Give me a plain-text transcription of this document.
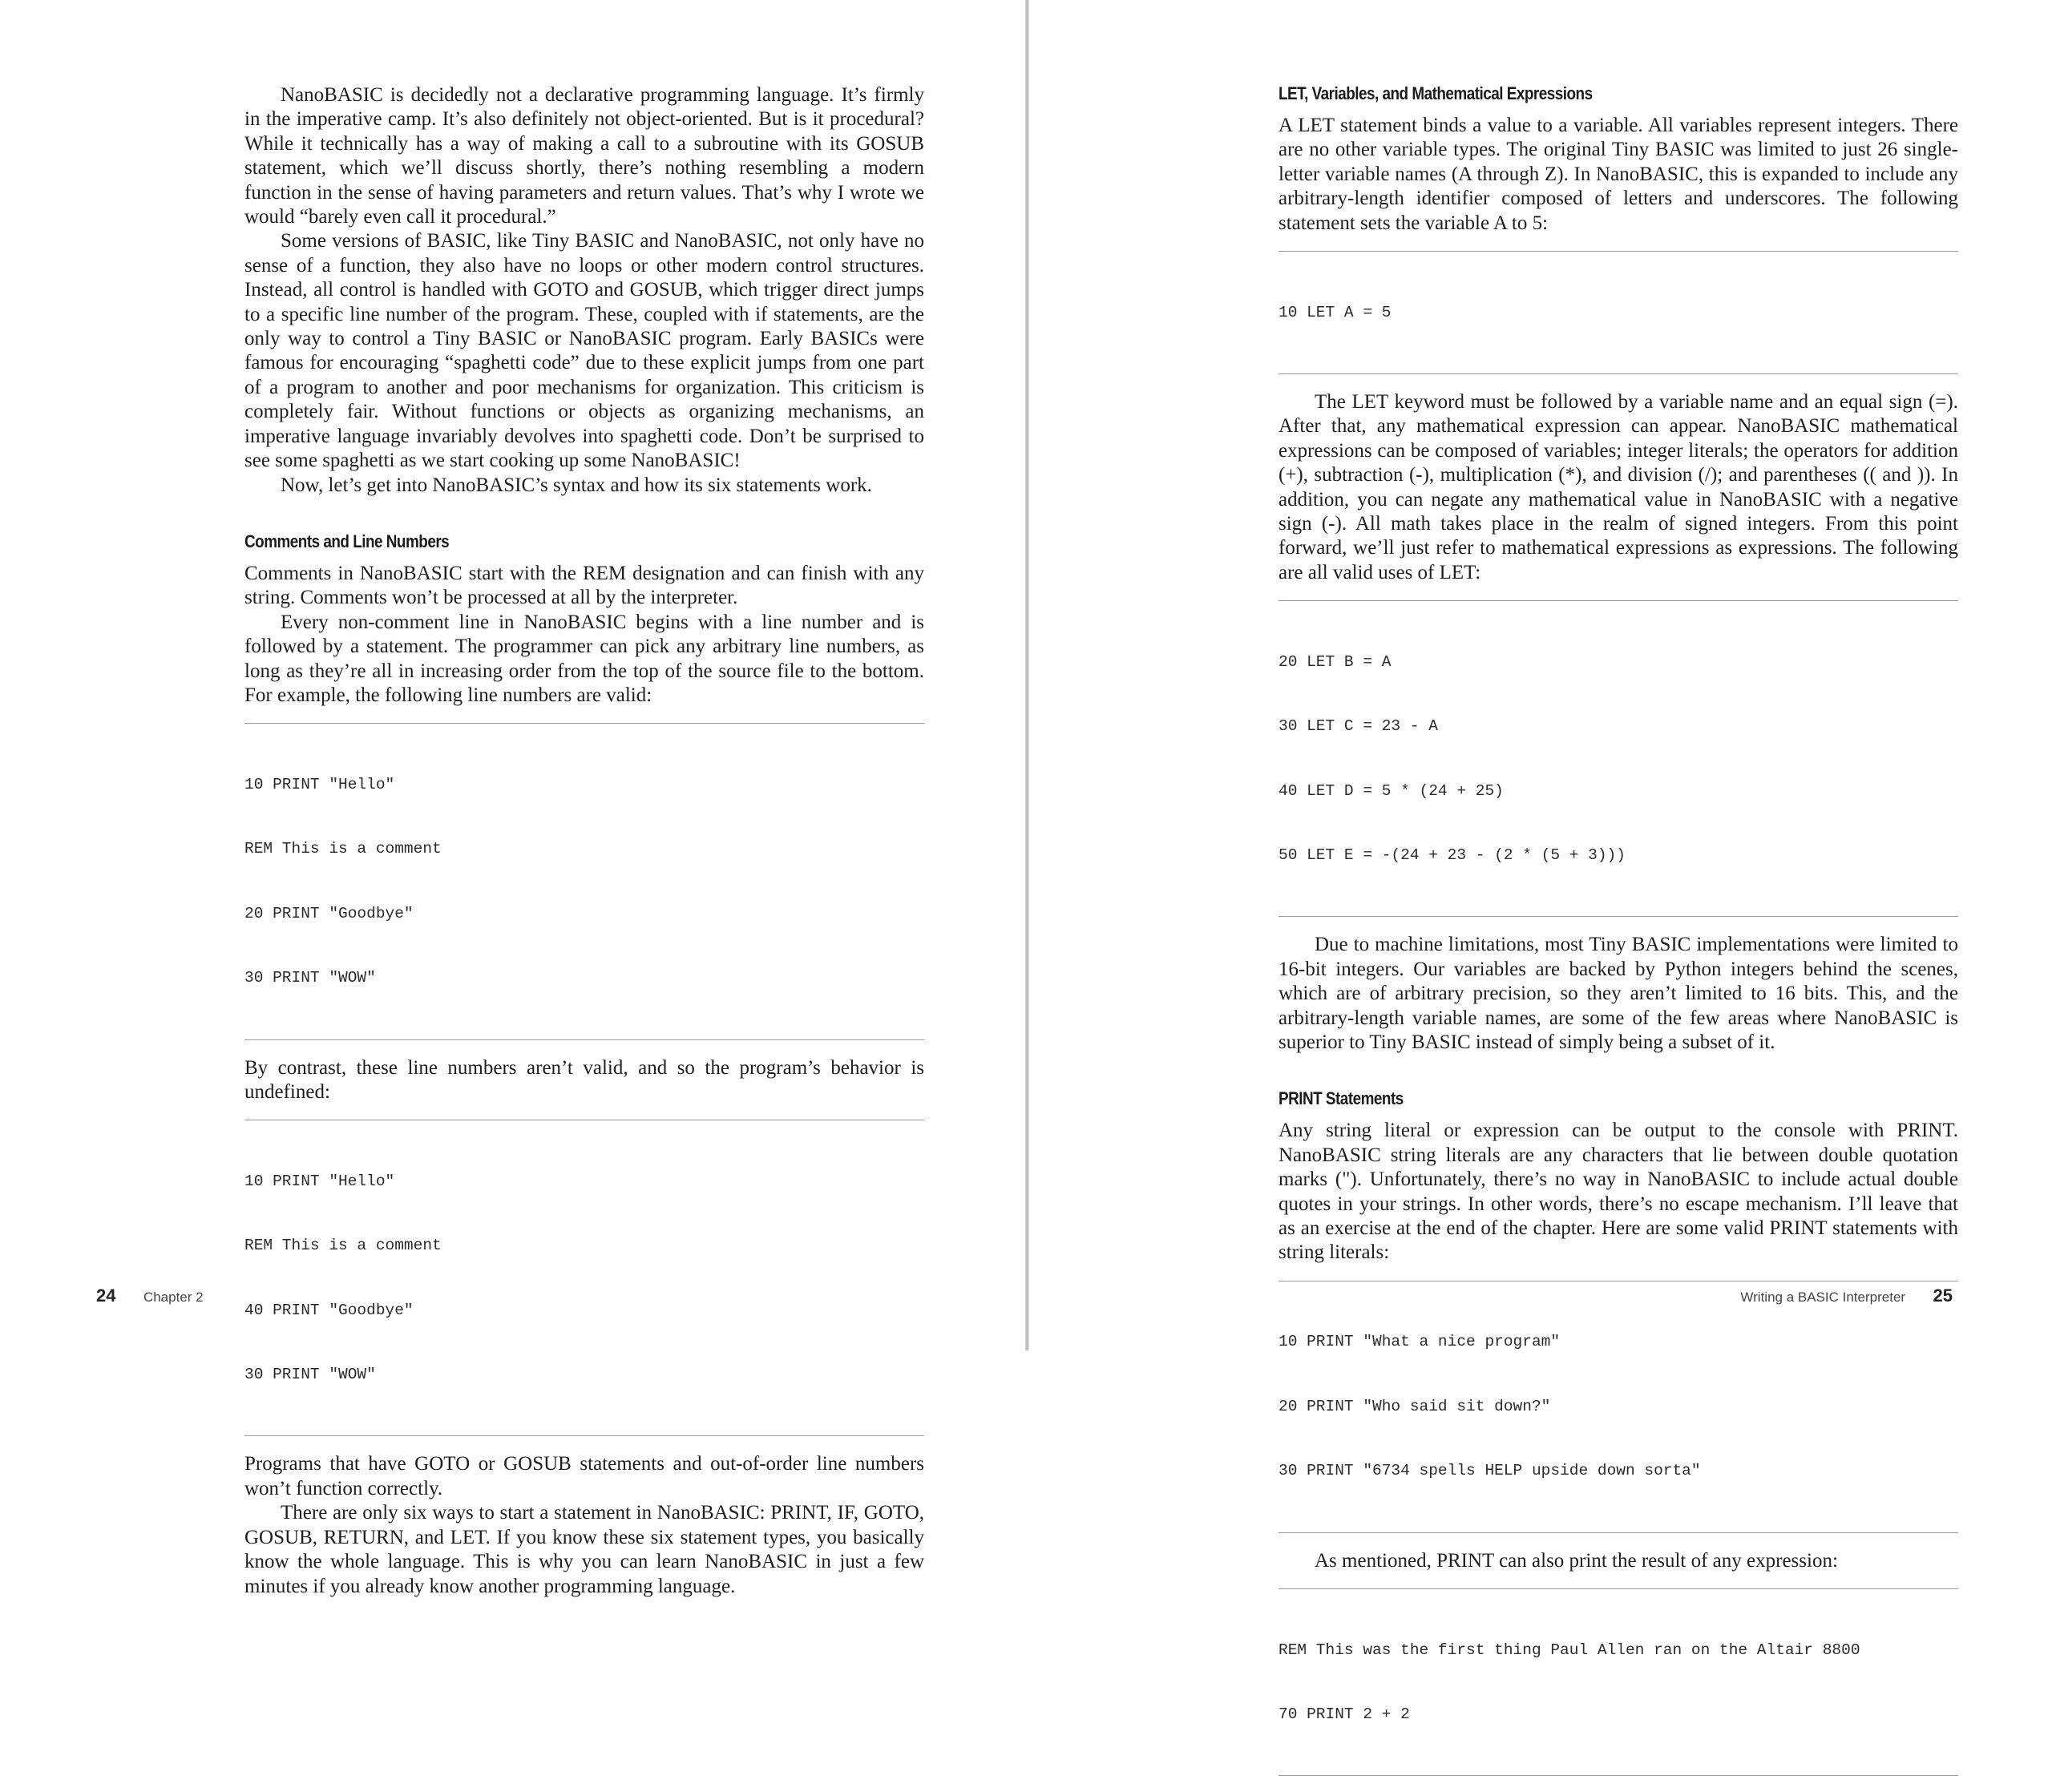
NanoBASIC is decidedly not a declarative programming language. It’s firmly in the imperative camp. It’s also definitely not object-oriented. But is it procedural? While it technically has a way of making a call to a subroutine with its GOSUB statement, which we’ll discuss shortly, there’s nothing resembling a modern function in the sense of having parameters and return values. That’s why I wrote we would “barely even call it procedural.”

Some versions of BASIC, like Tiny BASIC and NanoBASIC, not only have no sense of a function, they also have no loops or other modern control structures. Instead, all control is handled with GOTO and GOSUB, which trigger direct jumps to a specific line number of the program. These, coupled with if statements, are the only way to control a Tiny BASIC or NanoBASIC program. Early BASICs were famous for encouraging “spaghetti code” due to these explicit jumps from one part of a program to another and poor mechanisms for organization. This criticism is completely fair. Without functions or objects as organizing mechanisms, an imperative language invariably devolves into spaghetti code. Don’t be surprised to see some spaghetti as we start cooking up some NanoBASIC!

Now, let’s get into NanoBASIC’s syntax and how its six statements work.

Comments and Line Numbers

Comments in NanoBASIC start with the REM designation and can finish with any string. Comments won’t be processed at all by the interpreter.

Every non-comment line in NanoBASIC begins with a line number and is followed by a statement. The programmer can pick any arbitrary line numbers, as long as they’re all in increasing order from the top of the source file to the bottom. For example, the following line numbers are valid:

10 PRINT "Hello"

REM This is a comment

20 PRINT "Goodbye"

30 PRINT "WOW"

By contrast, these line numbers aren’t valid, and so the program’s behavior is undefined:

10 PRINT "Hello"

REM This is a comment

40 PRINT "Goodbye"

30 PRINT "WOW"

Programs that have GOTO or GOSUB statements and out-of-order line numbers won’t function correctly.

There are only six ways to start a statement in NanoBASIC: PRINT, IF, GOTO, GOSUB, RETURN, and LET. If you know these six statement types, you basically know the whole language. This is why you can learn NanoBASIC in just a few minutes if you already know another programming language.

24 Chapter 2
LET, Variables, and Mathematical Expressions

A LET statement binds a value to a variable. All variables represent integers. There are no other variable types. The original Tiny BASIC was limited to just 26 single-letter variable names (A through Z). In NanoBASIC, this is expanded to include any arbitrary-length identifier composed of letters and underscores. The following statement sets the variable A to 5:

10 LET A = 5

The LET keyword must be followed by a variable name and an equal sign (=). After that, any mathematical expression can appear. NanoBASIC mathematical expressions can be composed of variables; integer literals; the operators for addition (+), subtraction (-), multiplication (*), and division (/); and parentheses (( and )). In addition, you can negate any mathematical value in NanoBASIC with a negative sign (-). All math takes place in the realm of signed integers. From this point forward, we’ll just refer to mathematical expressions as expressions. The following are all valid uses of LET:

20 LET B = A

30 LET C = 23 - A

40 LET D = 5 * (24 + 25)

50 LET E = -(24 + 23 - (2 * (5 + 3)))

Due to machine limitations, most Tiny BASIC implementations were limited to 16-bit integers. Our variables are backed by Python integers behind the scenes, which are of arbitrary precision, so they aren’t limited to 16 bits. This, and the arbitrary-length variable names, are some of the few areas where NanoBASIC is superior to Tiny BASIC instead of simply being a subset of it.

PRINT Statements

Any string literal or expression can be output to the console with PRINT. NanoBASIC string literals are any characters that lie between double quotation marks ("). Unfortunately, there’s no way in NanoBASIC to include actual double quotes in your strings. In other words, there’s no escape mechanism. I’ll leave that as an exercise at the end of the chapter. Here are some valid PRINT statements with string literals:

10 PRINT "What a nice program"

20 PRINT "Who said sit down?"

30 PRINT "6734 spells HELP upside down sorta"

As mentioned, PRINT can also print the result of any expression:

REM This was the first thing Paul Allen ran on the Altair 8800

70 PRINT 2 + 2

Writing a BASIC Interpreter 25
